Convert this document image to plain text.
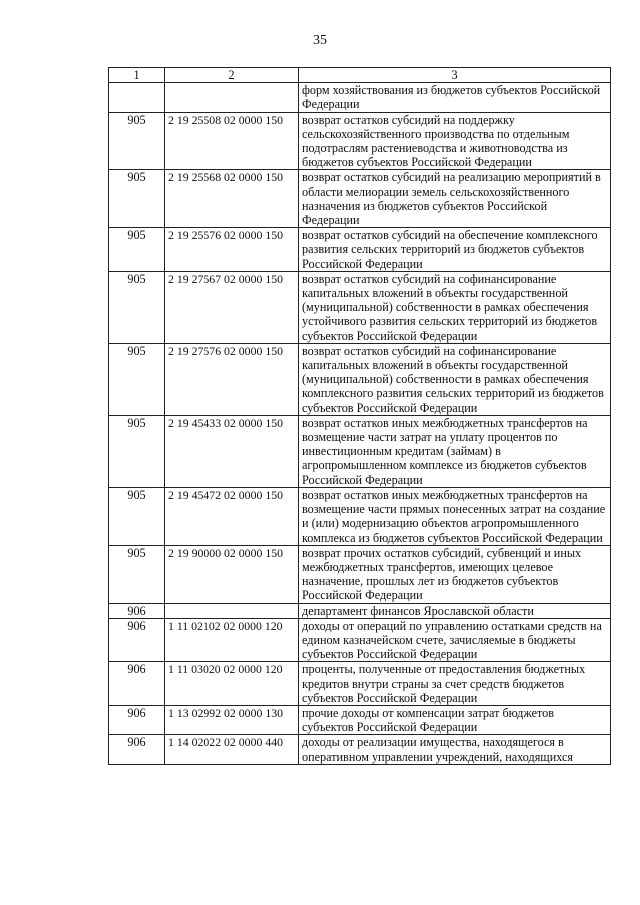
35
1	2	3
		форм хозяйствования из бюджетов субъектов Российской Федерации
905	2 19 25508 02 0000 150	возврат остатков субсидий на поддержку сельскохозяйственного производства по отдельным подотраслям растениеводства и животноводства из бюджетов субъектов Российской Федерации
905	2 19 25568 02 0000 150	возврат остатков субсидий на реализацию мероприятий в области мелиорации земель сельскохозяйственного назначения из бюджетов субъектов Российской Федерации
905	2 19 25576 02 0000 150	возврат остатков субсидий на обеспечение комплексного развития сельских территорий из бюджетов субъектов Российской Федерации
905	2 19 27567 02 0000 150	возврат остатков субсидий на софинансирование капитальных вложений в объекты государственной (муниципальной) собственности в рамках обеспечения устойчивого развития сельских территорий из бюджетов субъектов Российской Федерации
905	2 19 27576 02 0000 150	возврат остатков субсидий на софинансирование капитальных вложений в объекты государственной (муниципальной) собственности в рамках обеспечения комплексного развития сельских территорий из бюджетов субъектов Российской Федерации
905	2 19 45433 02 0000 150	возврат остатков иных межбюджетных трансфертов на возмещение части затрат на уплату процентов по инвестиционным кредитам (займам) в агропромышленном комплексе из бюджетов субъектов Российской Федерации
905	2 19 45472 02 0000 150	возврат остатков иных межбюджетных трансфертов на возмещение части прямых понесенных затрат на создание и (или) модернизацию объектов агропромышленного комплекса из бюджетов субъектов Российской Федерации
905	2 19 90000 02 0000 150	возврат прочих остатков субсидий, субвенций и иных межбюджетных трансфертов, имеющих целевое назначение, прошлых лет из бюджетов субъектов Российской Федерации
906		департамент финансов Ярославской области
906	1 11 02102 02 0000 120	доходы от операций по управлению остатками средств на едином казначейском счете, зачисляемые в бюджеты субъектов Российской Федерации
906	1 11 03020 02 0000 120	проценты, полученные от предоставления бюджетных кредитов внутри страны за счет средств бюджетов субъектов Российской Федерации
906	1 13 02992 02 0000 130	прочие доходы от компенсации затрат бюджетов субъектов Российской Федерации
906	1 14 02022 02 0000 440	доходы от реализации имущества, находящегося в оперативном управлении учреждений, находящихся
